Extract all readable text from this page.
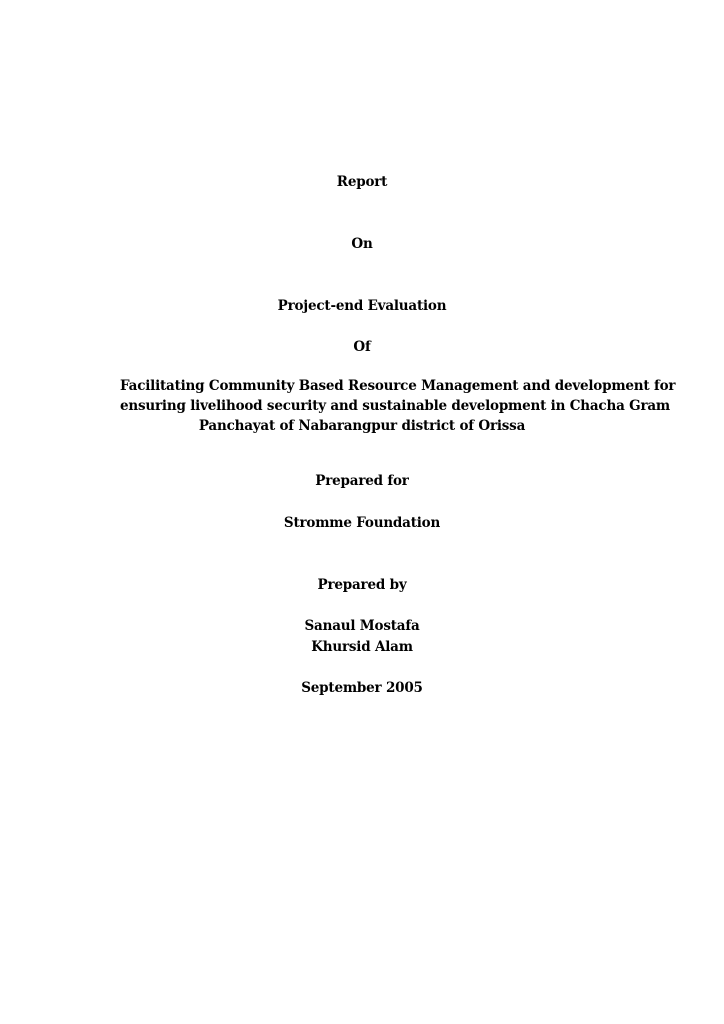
Report
On
Project-end Evaluation
Of
Facilitating Community Based Resource Management and development for
ensuring livelihood security and sustainable development in Chacha Gram
Panchayat of Nabarangpur district of Orissa
Prepared for
Stromme Foundation
Prepared by
Sanaul Mostafa
Khursid Alam
September 2005
